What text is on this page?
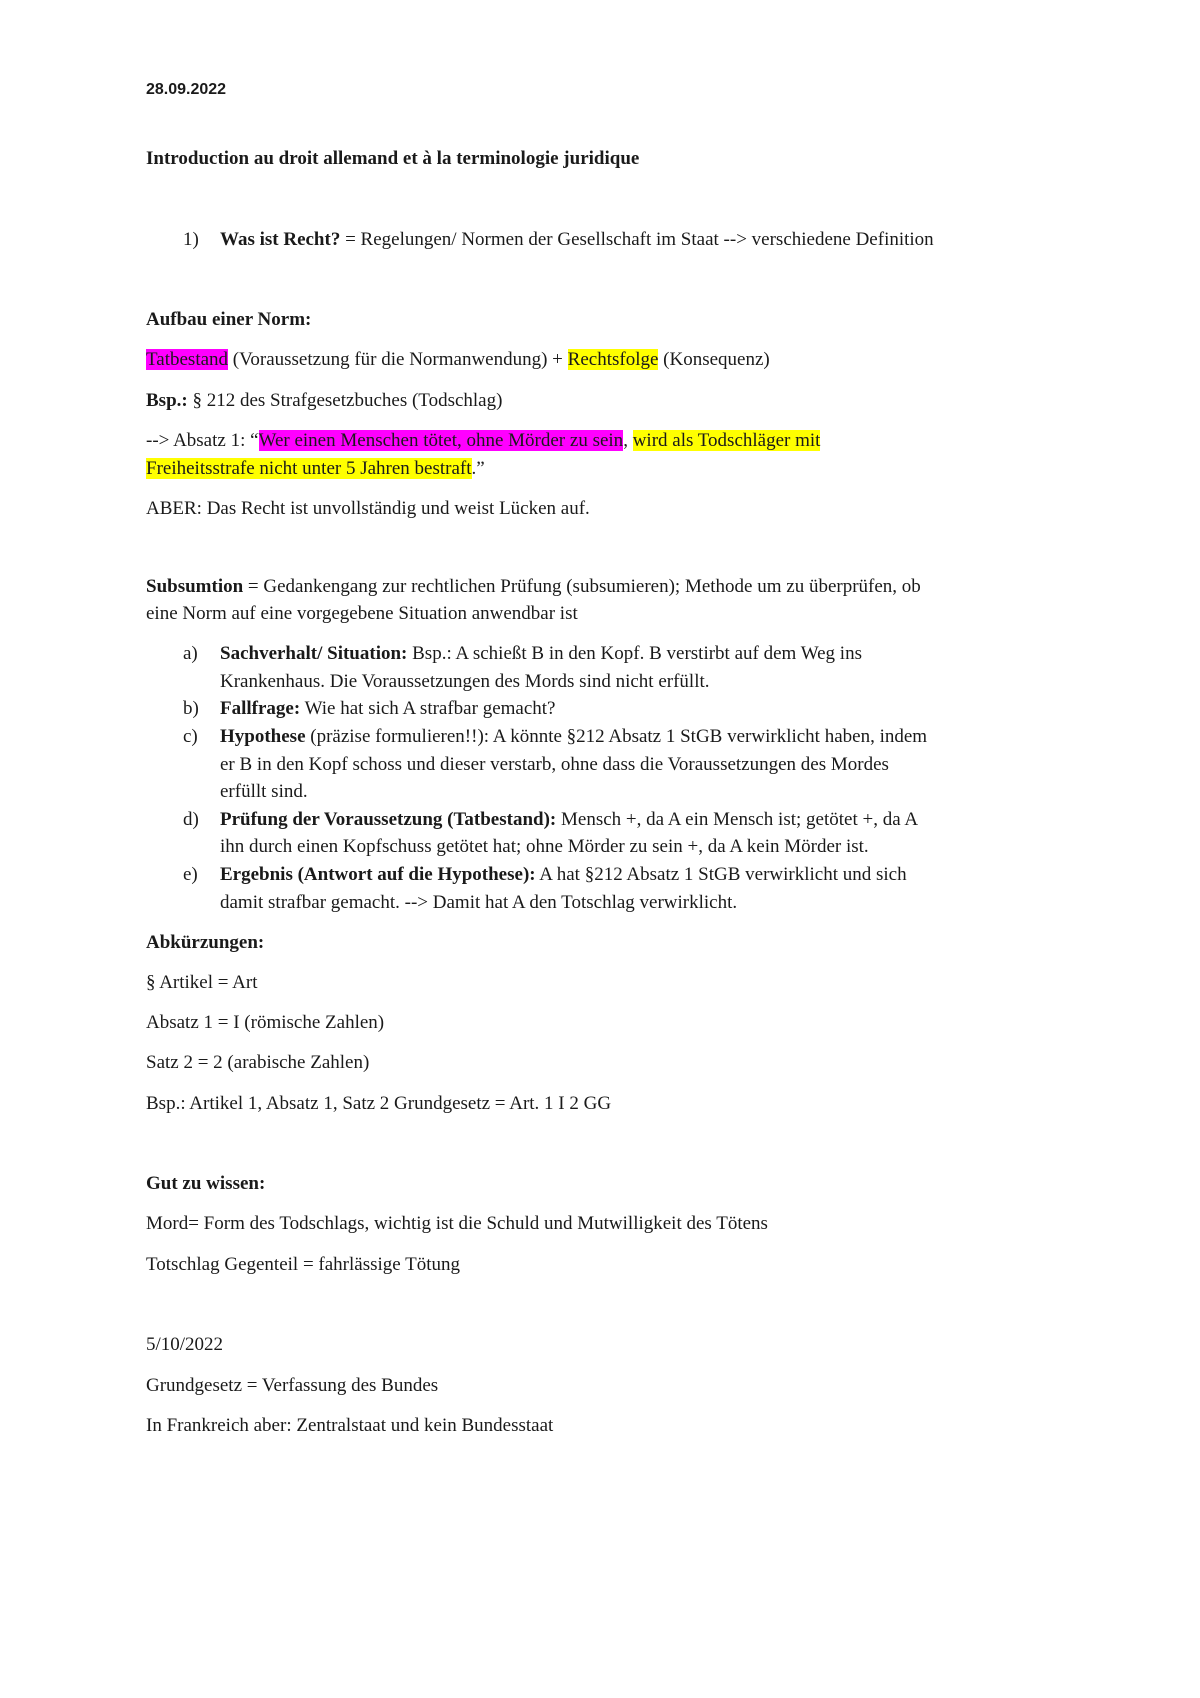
28.09.2022
Introduction au droit allemand et à la terminologie juridique
1) Was ist Recht? = Regelungen/ Normen der Gesellschaft im Staat --> verschiedene Definition
Aufbau einer Norm:
Tatbestand (Voraussetzung für die Normanwendung) + Rechtsfolge (Konsequenz)
Bsp.: § 212 des Strafgesetzbuches (Todschlag)
--> Absatz 1: “Wer einen Menschen tötet, ohne Mörder zu sein, wird als Todschläger mit
Freiheitsstrafe nicht unter 5 Jahren bestraft.”
ABER: Das Recht ist unvollständig und weist Lücken auf.
Subsumtion = Gedankengang zur rechtlichen Prüfung (subsumieren); Methode um zu überprüfen, ob
eine Norm auf eine vorgegebene Situation anwendbar ist
a) Sachverhalt/ Situation: Bsp.: A schießt B in den Kopf. B verstirbt auf dem Weg ins
Krankenhaus. Die Voraussetzungen des Mords sind nicht erfüllt.
b) Fallfrage: Wie hat sich A strafbar gemacht?
c) Hypothese (präzise formulieren!!): A könnte §212 Absatz 1 StGB verwirklicht haben, indem
er B in den Kopf schoss und dieser verstarb, ohne dass die Voraussetzungen des Mordes
erfüllt sind.
d) Prüfung der Voraussetzung (Tatbestand): Mensch +, da A ein Mensch ist; getötet +, da A
ihn durch einen Kopfschuss getötet hat; ohne Mörder zu sein +, da A kein Mörder ist.
e) Ergebnis (Antwort auf die Hypothese): A hat §212 Absatz 1 StGB verwirklicht und sich
damit strafbar gemacht. --> Damit hat A den Totschlag verwirklicht.
Abkürzungen:
§ Artikel = Art
Absatz 1 = I (römische Zahlen)
Satz 2 = 2 (arabische Zahlen)
Bsp.: Artikel 1, Absatz 1, Satz 2 Grundgesetz = Art. 1 I 2 GG
Gut zu wissen:
Mord= Form des Todschlags, wichtig ist die Schuld und Mutwilligkeit des Tötens
Totschlag Gegenteil = fahrlässige Tötung
5/10/2022
Grundgesetz = Verfassung des Bundes
In Frankreich aber: Zentralstaat und kein Bundesstaat
